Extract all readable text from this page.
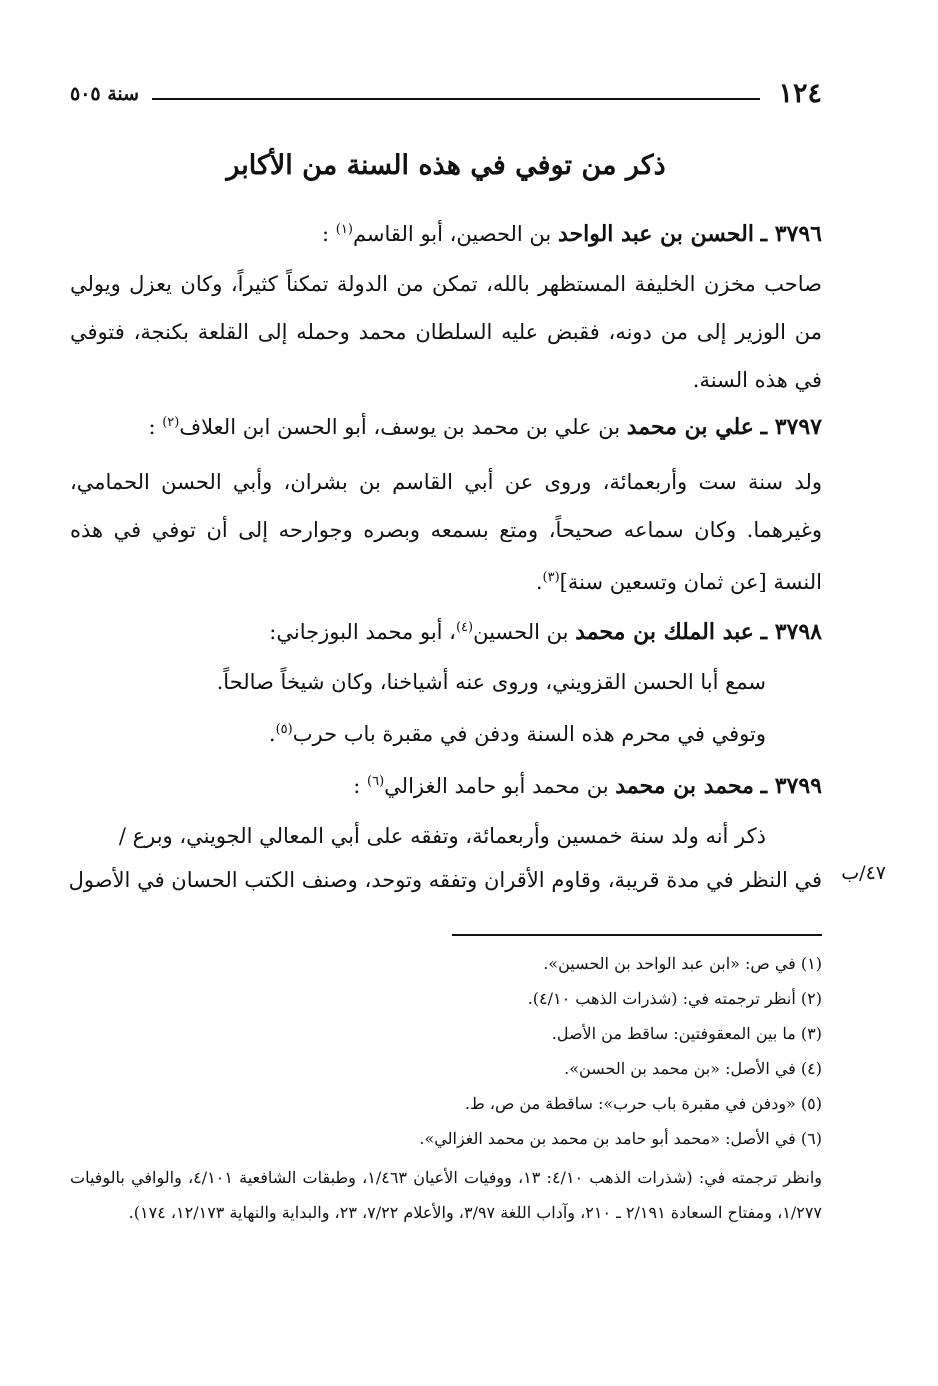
١٢٤
سنة ٥٠٥
ذكر من توفي في هذه السنة من الأكابر
٣٧٩٦ ـ الحسن بن عبد الواحد بن الحصين، أبو القاسم$^{(١)}$ :
صاحب مخزن الخليفة المستظهر بالله، تمكن من الدولة تمكناً كثيراً، وكان يعزل ويولي من الوزير إلى من دونه، فقبض عليه السلطان محمد وحمله إلى القلعة بكنجة، فتوفي في هذه السنة.
٣٧٩٧ ـ علي بن محمد بن علي بن محمد بن يوسف، أبو الحسن ابن العلاف$^{(٢)}$ :
ولد سنة ست وأربعمائة، وروى عن أبي القاسم بن بشران، وأبي الحسن الحمامي، وغيرهما. وكان سماعه صحيحاً، ومتع بسمعه وبصره وجوارحه إلى أن توفي في هذه النسة [عن ثمان وتسعين سنة]$^{(٣)}$.
٣٧٩٨ ـ عبد الملك بن محمد بن الحسين$^{(٤)}$، أبو محمد البوزجاني:
سمع أبا الحسن القزويني، وروى عنه أشياخنا، وكان شيخاً صالحاً.
وتوفي في محرم هذه السنة ودفن في مقبرة باب حرب$^{(٥)}$.
٣٧٩٩ ـ محمد بن محمد بن محمد أبو حامد الغزالي$^{(٦)}$ :
ذكر أنه ولد سنة خمسين وأربعمائة، وتفقه على أبي المعالي الجويني، وبرع /
في النظر في مدة قريبة، وقاوم الأقران وتفقه وتوحد، وصنف الكتب الحسان في الأصول ٤٧/ب
(١) في ص: «ابن عبد الواحد بن الحسين».
(٢) أنظر ترجمته في: (شذرات الذهب ٤/١٠).
(٣) ما بين المعقوفتين: ساقط من الأصل.
(٤) في الأصل: «بن محمد بن الحسن».
(٥) «ودفن في مقبرة باب حرب»: ساقطة من ص، ط.
(٦) في الأصل: «محمد أبو حامد بن محمد بن محمد الغزالي».
وانظر ترجمته في: (شذرات الذهب ٤/١٠: ١٣، ووفيات الأعيان ١/٤٦٣، وطبقات الشافعية ٤/١٠١، والوافي بالوفيات ١/٢٧٧، ومفتاح السعادة ٢/١٩١ ـ ٢١٠، وآداب اللغة ٣/٩٧، والأعلام ٧/٢٢، ٢٣، والبداية والنهاية ١٢/١٧٣، ١٧٤).
